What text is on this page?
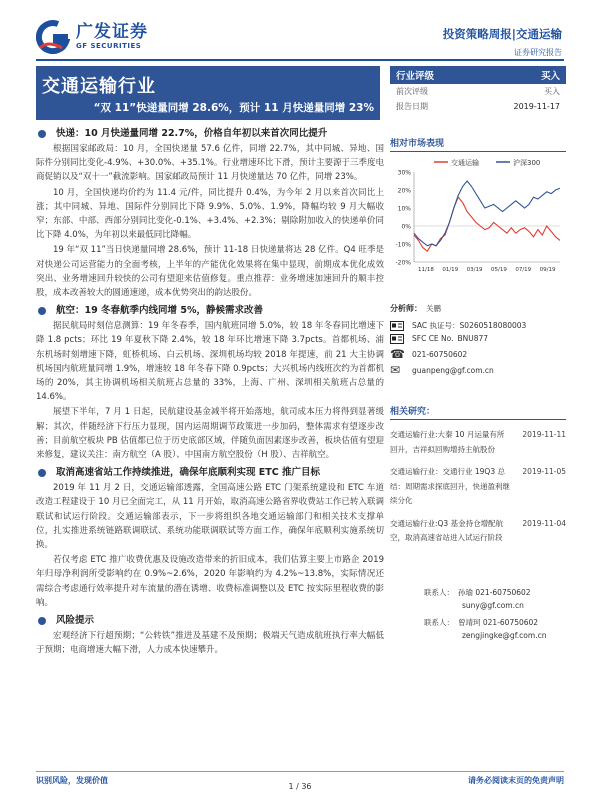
广发证券
GF SECURITIES
投资策略周报|交通运输
证券研究报告
交通运输行业
“双 11”快递量同增 28.6%，预计 11 月快递量同增 23%
行业评级	买入
前次评级	买入
报告日期	2019-11-17
快递：10 月快递量同增 22.7%，价格自年初以来首次同比提升

根据国家邮政局：10 月，全国快递量 57.6 亿件，同增 22.7%，其中同城、异地、国际件分别同比变化-4.9%、+30.0%、+35.1%。行业增速环比下滑，预计主要源于三季度电商促销以及“双十一”截流影响。国家邮政局预计 11 月快递量达 70 亿件，同增 23%。

10 月，全国快递均价约为 11.4 元/件，同比提升 0.4%，为今年 2 月以来首次同比上涨；其中同城、异地、国际件分别同比下降 9.9%、5.0%、1.9%，降幅均较 9 月大幅收窄；东部、中部、西部分别同比变化-0.1%、+3.4%、+2.3%；剔除附加收入的快递单价同比下降 4.0%，为年初以来最低同比降幅。

19 年“双 11”当日快递量同增 28.6%，预计 11-18 日快递量将达 28 亿件。Q4 旺季是对快递公司运营能力的全面考核，上半年的产能优化效果将在集中显现，前期成本优化成效突出、业务增速回升较快的公司有望迎来估值修复。重点推荐：业务增速加速回升的顺丰控股，成本改善较大的圆通速递，成本优势突出的韵达股份。

航空：19 冬春航季内线同增 5%，静候需求改善

据民航局时刻信息测算：19 年冬春季，国内航班同增 5.0%，较 18 年冬春同比增速下降 1.8 pcts；环比 19 年夏秋下降 2.4%，较 18 年环比增速下降 3.7pcts。首都机场、浦东机场时刻增速下降，虹桥机场、白云机场、深圳机场均较 2018 年提速，前 21 大主协调机场国内航班量同增 1.9%，增速较 18 年冬春下降 0.9pcts；大兴机场内线班次约为首都机场的 20%，其主协调机场相关航班占总量的 33%，上海、广州、深圳相关航班占总量的 14.6%。

展望下半年，7 月 1 日起，民航建设基金减半将开始落地，航司成本压力将得到显著缓解；其次，伴随经济下行压力显现，国内运周期调节政策进一步加码，整体需求有望逐步改善；目前航空板块 PB 估值都已位于历史底部区域，伴随负面因素逐步改善，板块估值有望迎来修复，建议关注：南方航空（A 股）、中国南方航空股份（H 股）、吉祥航空。

取消高速省站工作持续推进，确保年底顺利实现 ETC 推广目标

2019 年 11 月 2 日，交通运输部透露，全国高速公路 ETC 门架系统建设和 ETC 车道改造工程建设于 10 月已全面完工，从 11 月开始，取消高速公路省界收费站工作已转入联调联试和试运行阶段。交通运输部表示，下一步将组织各地交通运输部门和相关技术支撑单位，扎实推进系统链路联调联试、系统功能联调联试等方面工作，确保年底顺利实施系统切换。

若仅考虑 ETC 推广收费优惠及设施改造带来的折旧成本，我们估算主要上市路企 2019 年归母净利润所受影响约在 0.9%~2.6%，2020 年影响约为 4.2%~13.8%，实际情况还需综合考虑通行效率提升对车流量的潜在诱增、收费标准调整以及 ETC 按实际里程收费的影响。

风险提示

宏观经济下行超预期；“公转铁”推进及基建不及预期；极端天气造成航班执行率大幅低于预期；电商增速大幅下滑，人力成本快速攀升。

相对市场表现
交通运输	沪深300
30%
20%
10%
0%
-10%
-20%
11/18 01/19 03/19 05/19 07/19 09/19
分析师： 关鹏
SAC 执证号： S0260518080003
SFC CE No. BNU877
☎ 021-60750602
✉	guanpeng@gf.com.cn
相关研究：
交通运输行业:大秦 10 月运量有所回升，吉祥拟回购增持主航股份
2019-11-11
交通运输行业：交通行业 19Q3 总结：周期需求探底回升，快递盈利继续分化
2019-11-05
交通运输行业:Q3 基金持仓增配航空，取消高速省站进入试运行阶段
2019-11-04
联系人： 孙瑜 021-60750602
suny@gf.com.cn
联系人： 曾靖珂 021-60750602
zengjingke@gf.com.cn
识别风险，发现价值	请务必阅读末页的免责声明
1 / 36
